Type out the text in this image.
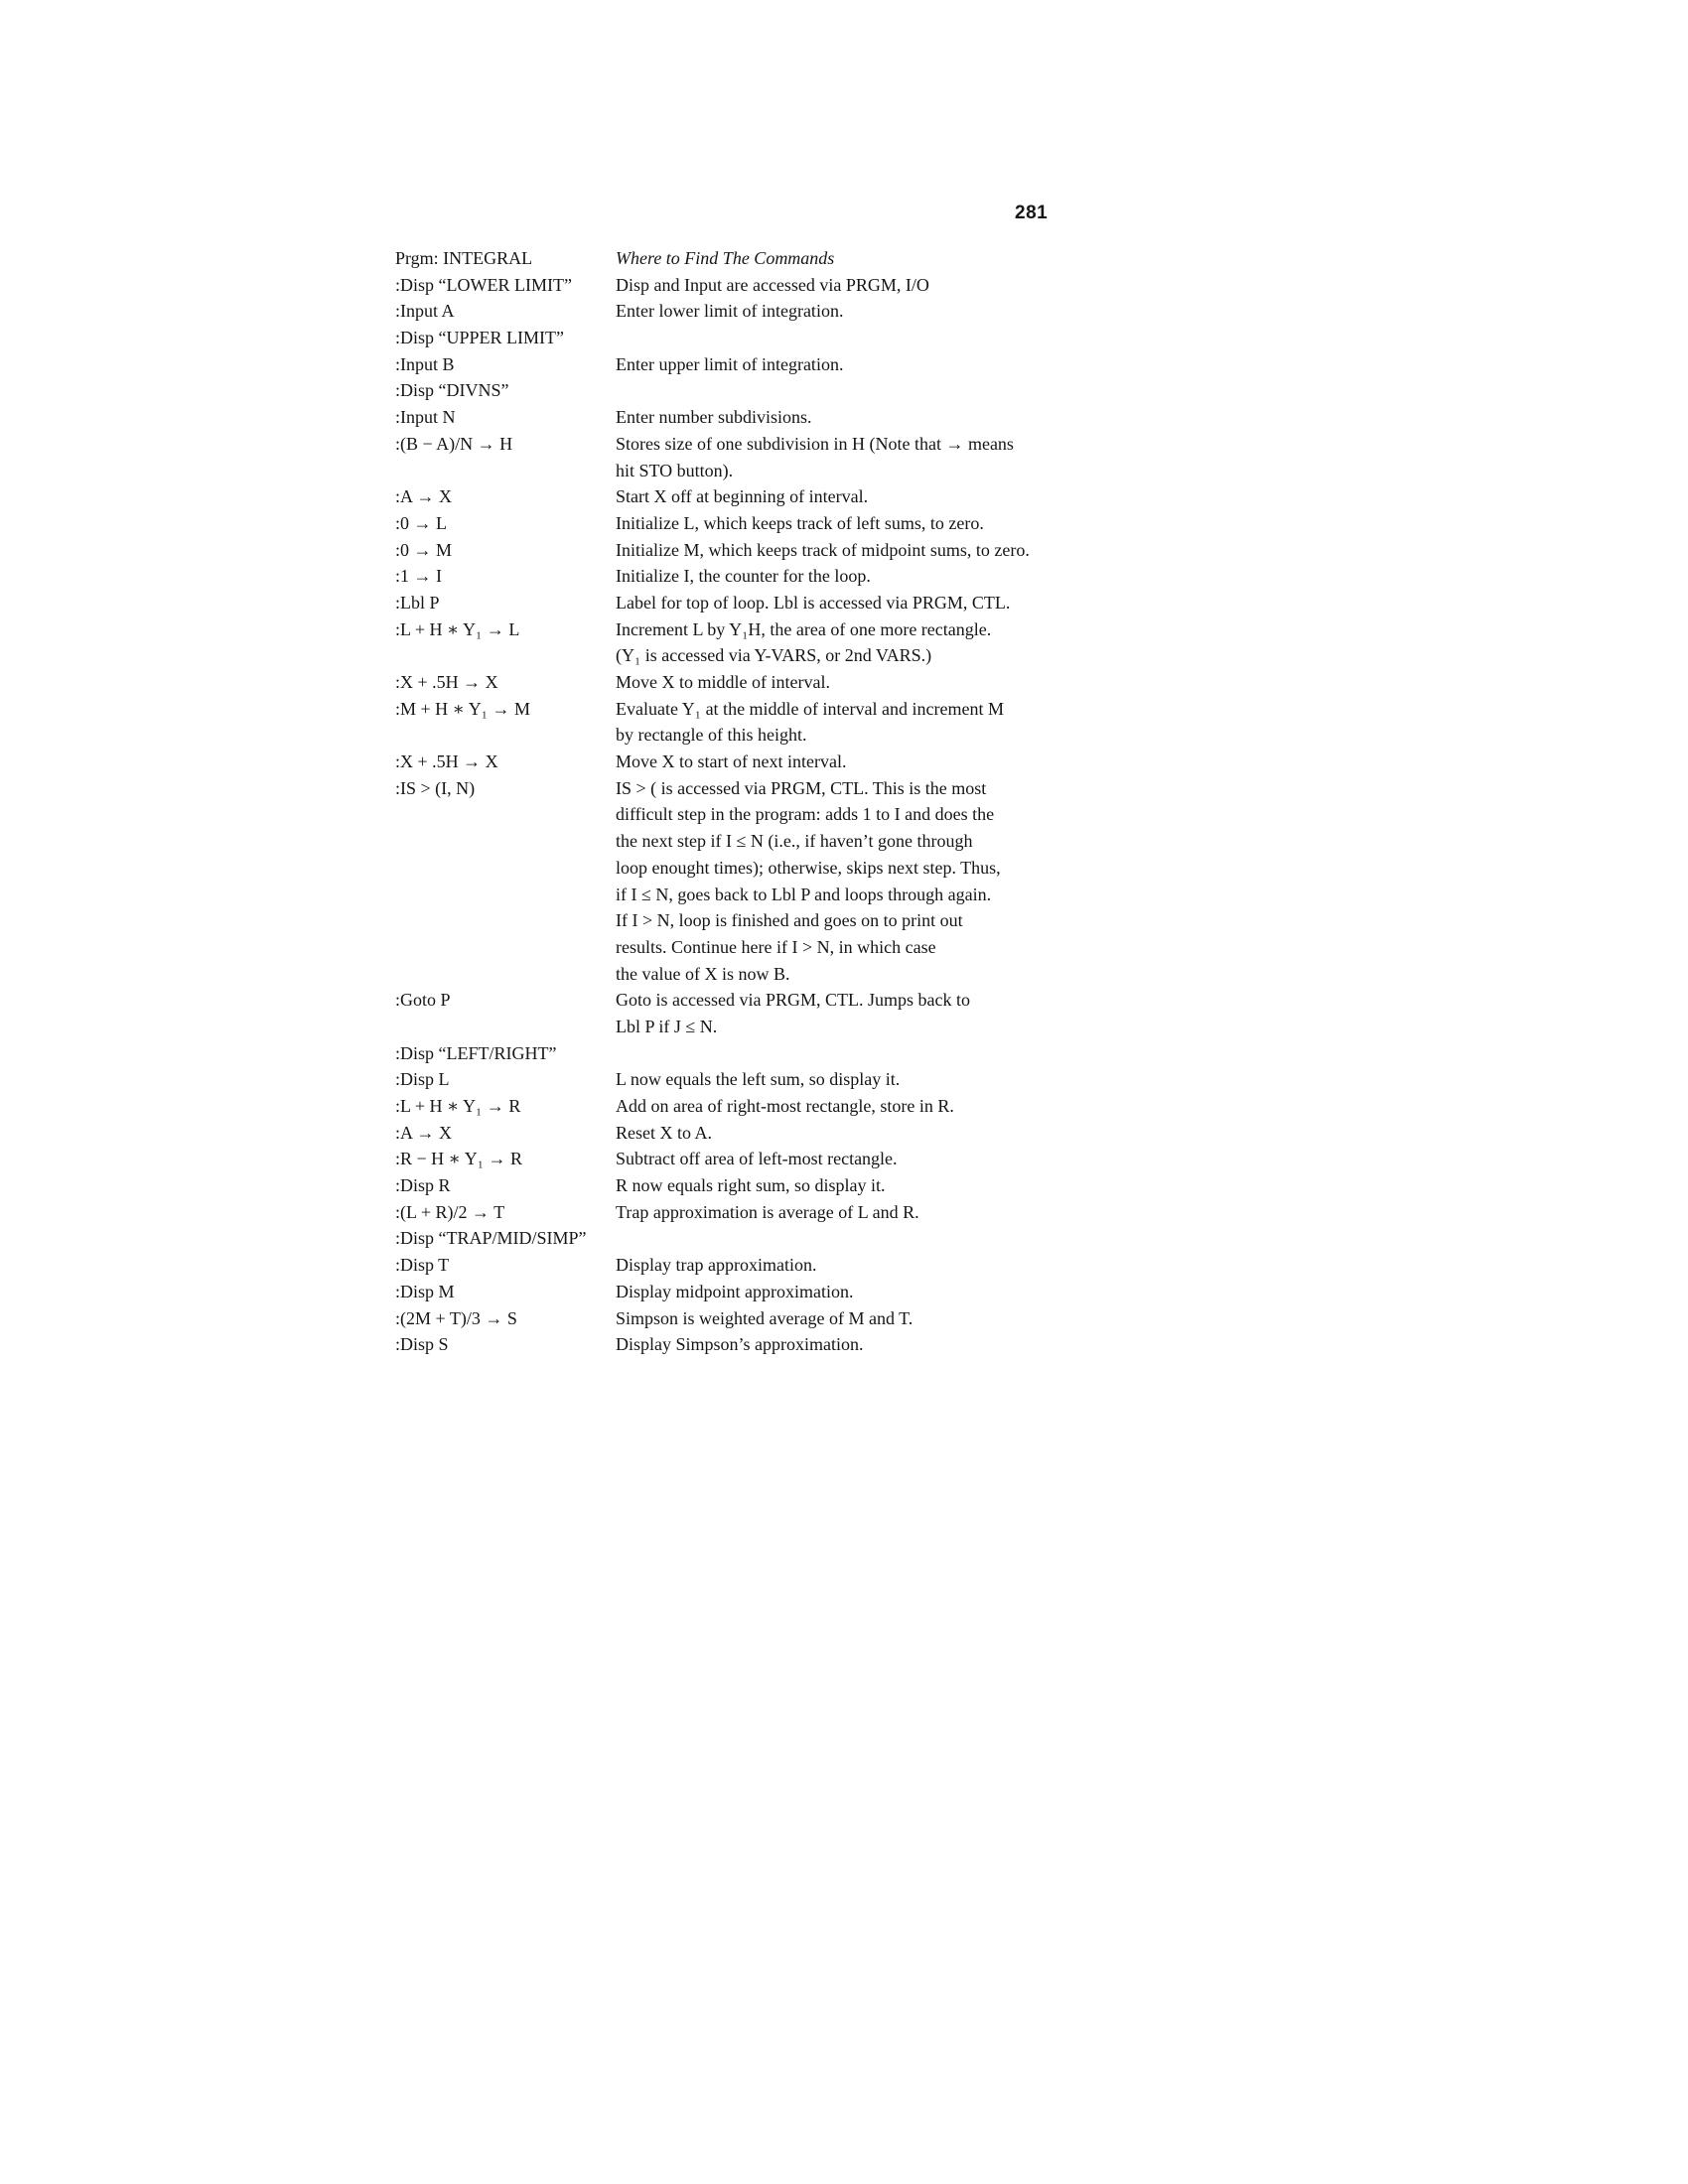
281
Prgm: INTEGRAL	Where to Find The Commands
:Disp “LOWER LIMIT”	Disp and Input are accessed via PRGM, I/O
:Input A	Enter lower limit of integration.
:Disp “UPPER LIMIT”
:Input B	Enter upper limit of integration.
:Disp “DIVNS”
:Input N	Enter number subdivisions.
:(B − A)/N → H	Stores size of one subdivision in H (Note that → means
hit STO button).
:A → X	Start X off at beginning of interval.
:0 → L	Initialize L, which keeps track of left sums, to zero.
:0 → M	Initialize M, which keeps track of midpoint sums, to zero.
:1 → I	Initialize I, the counter for the loop.
:Lbl P	Label for top of loop. Lbl is accessed via PRGM, CTL.
:L + H ∗ Y₁ → L	Increment L by Y₁H, the area of one more rectangle.
(Y₁ is accessed via Y-VARS, or 2nd VARS.)
:X + .5H → X	Move X to middle of interval.
:M + H ∗ Y₁ → M	Evaluate Y₁ at the middle of interval and increment M
by rectangle of this height.
:X + .5H → X	Move X to start of next interval.
:IS > (I, N)	IS > ( is accessed via PRGM, CTL. This is the most
difficult step in the program: adds 1 to I and does the
the next step if I ≤ N (i.e., if haven’t gone through
loop enought times); otherwise, skips next step. Thus,
if I ≤ N, goes back to Lbl P and loops through again.
If I > N, loop is finished and goes on to print out
results. Continue here if I > N, in which case
the value of X is now B.
:Goto P	Goto is accessed via PRGM, CTL. Jumps back to
Lbl P if J ≤ N.
:Disp “LEFT/RIGHT”
:Disp L	L now equals the left sum, so display it.
:L + H ∗ Y₁ → R	Add on area of right-most rectangle, store in R.
:A → X	Reset X to A.
:R − H ∗ Y₁ → R	Subtract off area of left-most rectangle.
:Disp R	R now equals right sum, so display it.
:(L + R)/2 → T	Trap approximation is average of L and R.
:Disp “TRAP/MID/SIMP”
:Disp T	Display trap approximation.
:Disp M	Display midpoint approximation.
:(2M + T)/3 → S	Simpson is weighted average of M and T.
:Disp S	Display Simpson’s approximation.
